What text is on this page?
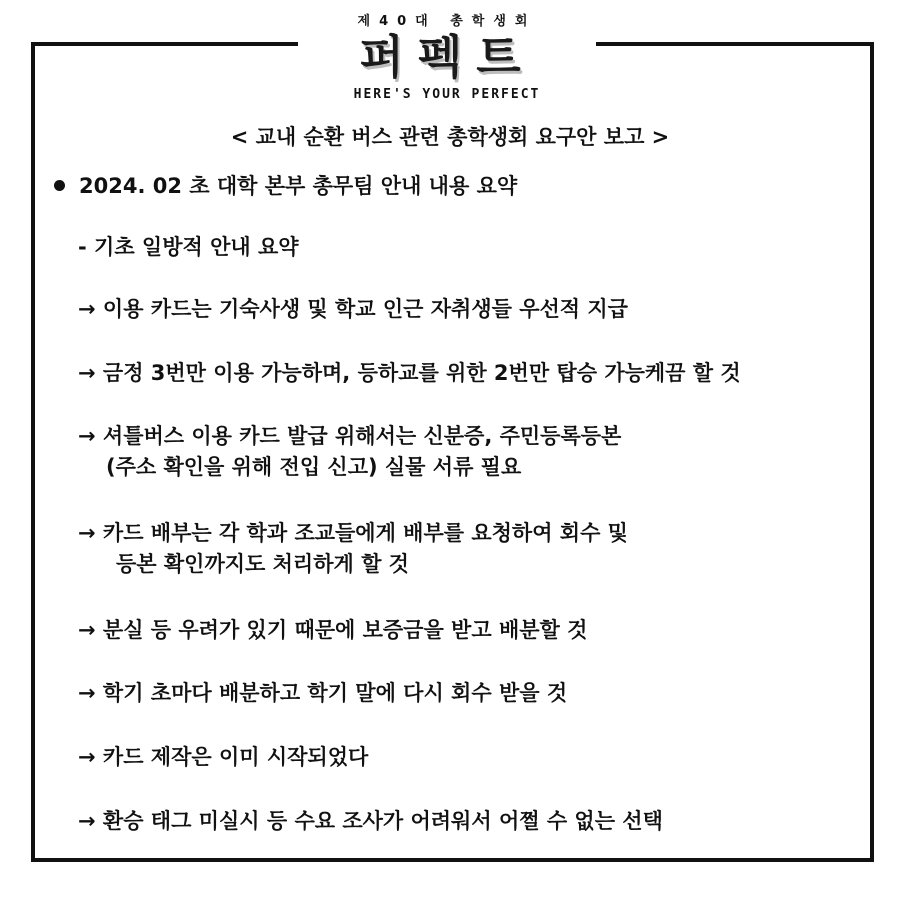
제40대 총학생회
퍼펙트
HERE'S YOUR PERFECT
< 교내 순환 버스 관련 총학생회 요구안 보고 >
2024. 02 초 대학 본부 총무팀 안내 내용 요약
- 기초 일방적 안내 요약
→ 이용 카드는 기숙사생 및 학교 인근 자취생들 우선적 지급
→ 금정 3번만 이용 가능하며, 등하교를 위한 2번만 탑승 가능케끔 할 것
→ 셔틀버스 이용 카드 발급 위해서는 신분증, 주민등록등본
(주소 확인을 위해 전입 신고) 실물 서류 필요
→ 카드 배부는 각 학과 조교들에게 배부를 요청하여 회수 및
등본 확인까지도 처리하게 할 것
→ 분실 등 우려가 있기 때문에 보증금을 받고 배분할 것
→ 학기 초마다 배분하고 학기 말에 다시 회수 받을 것
→ 카드 제작은 이미 시작되었다
→ 환승 태그 미실시 등 수요 조사가 어려워서 어쩔 수 없는 선택
